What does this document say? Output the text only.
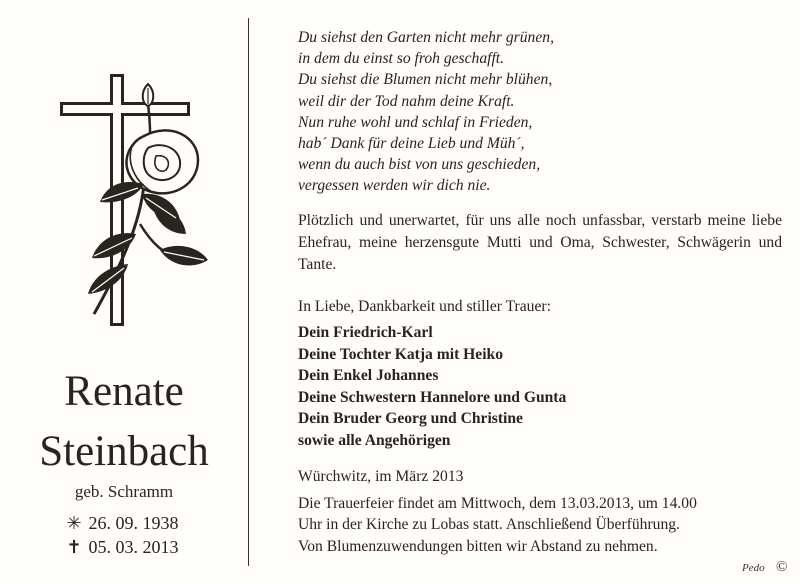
Renate
Steinbach
geb. Schramm
✳ 26. 09. 1938
✝ 05. 03. 2013
Du siehst den Garten nicht mehr grünen,
in dem du einst so froh geschafft.
Du siehst die Blumen nicht mehr blühen,
weil dir der Tod nahm deine Kraft.
Nun ruhe wohl und schlaf in Frieden,
hab´ Dank für deine Lieb und Müh´,
wenn du auch bist von uns geschieden,
vergessen werden wir dich nie.
Plötzlich und unerwartet, für uns alle noch unfassbar, verstarb meine liebe Ehefrau, meine herzensgute Mutti und Oma, Schwester, Schwägerin und Tante.
In Liebe, Dankbarkeit und stiller Trauer:
Dein Friedrich-Karl
Deine Tochter Katja mit Heiko
Dein Enkel Johannes
Deine Schwestern Hannelore und Gunta
Dein Bruder Georg und Christine
sowie alle Angehörigen
Würchwitz, im März 2013
Die Trauerfeier findet am Mittwoch, dem 13.03.2013, um 14.00
Uhr in der Kirche zu Lobas statt. Anschließend Überführung.
Von Blumenzuwendungen bitten wir Abstand zu nehmen.
Pedo ©
